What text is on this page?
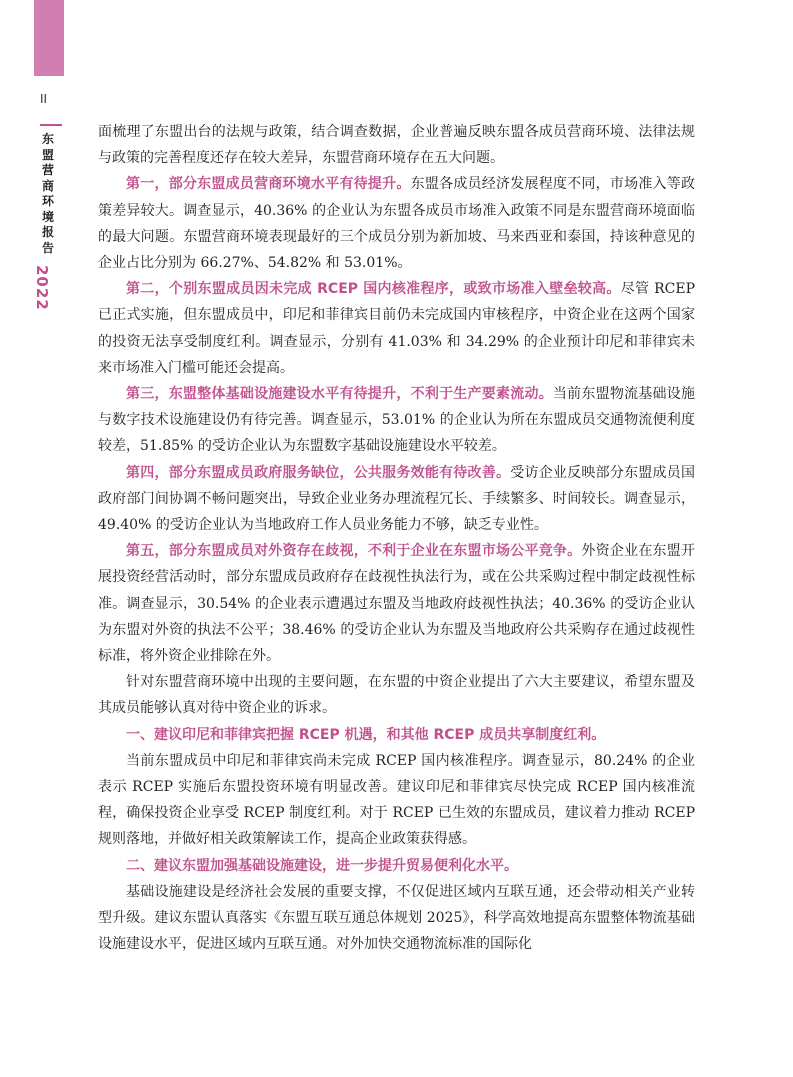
II
东盟营商环境报告
2022

面梳理了东盟出台的法规与政策，结合调查数据，企业普遍反映东盟各成员营商环境、法律法规与政策的完善程度还存在较大差异，东盟营商环境存在五大问题。

第一，部分东盟成员营商环境水平有待提升。东盟各成员经济发展程度不同，市场准入等政策差异较大。调查显示，40.36% 的企业认为东盟各成员市场准入政策不同是东盟营商环境面临的最大问题。东盟营商环境表现最好的三个成员分别为新加坡、马来西亚和泰国，持该种意见的企业占比分别为 66.27%、54.82% 和 53.01%。

第二，个别东盟成员因未完成 RCEP 国内核准程序，或致市场准入壁垒较高。尽管 RCEP 已正式实施，但东盟成员中，印尼和菲律宾目前仍未完成国内审核程序，中资企业在这两个国家的投资无法享受制度红利。调查显示，分别有 41.03% 和 34.29% 的企业预计印尼和菲律宾未来市场准入门槛可能还会提高。

第三，东盟整体基础设施建设水平有待提升，不利于生产要素流动。当前东盟物流基础设施与数字技术设施建设仍有待完善。调查显示，53.01% 的企业认为所在东盟成员交通物流便利度较差，51.85% 的受访企业认为东盟数字基础设施建设水平较差。

第四，部分东盟成员政府服务缺位，公共服务效能有待改善。受访企业反映部分东盟成员国政府部门间协调不畅问题突出，导致企业业务办理流程冗长、手续繁多、时间较长。调查显示，49.40% 的受访企业认为当地政府工作人员业务能力不够，缺乏专业性。

第五，部分东盟成员对外资存在歧视，不利于企业在东盟市场公平竞争。外资企业在东盟开展投资经营活动时，部分东盟成员政府存在歧视性执法行为，或在公共采购过程中制定歧视性标准。调查显示，30.54% 的企业表示遭遇过东盟及当地政府歧视性执法；40.36% 的受访企业认为东盟对外资的执法不公平；38.46% 的受访企业认为东盟及当地政府公共采购存在通过歧视性标准，将外资企业排除在外。

针对东盟营商环境中出现的主要问题，在东盟的中资企业提出了六大主要建议，希望东盟及其成员能够认真对待中资企业的诉求。

一、建议印尼和菲律宾把握 RCEP 机遇，和其他 RCEP 成员共享制度红利。

当前东盟成员中印尼和菲律宾尚未完成 RCEP 国内核准程序。调查显示，80.24% 的企业表示 RCEP 实施后东盟投资环境有明显改善。建议印尼和菲律宾尽快完成 RCEP 国内核准流程，确保投资企业享受 RCEP 制度红利。对于 RCEP 已生效的东盟成员，建议着力推动 RCEP 规则落地，并做好相关政策解读工作，提高企业政策获得感。

二、建议东盟加强基础设施建设，进一步提升贸易便利化水平。

基础设施建设是经济社会发展的重要支撑，不仅促进区域内互联互通，还会带动相关产业转型升级。建议东盟认真落实《东盟互联互通总体规划 2025》，科学高效地提高东盟整体物流基础设施建设水平，促进区域内互联互通。对外加快交通物流标准的国际化
